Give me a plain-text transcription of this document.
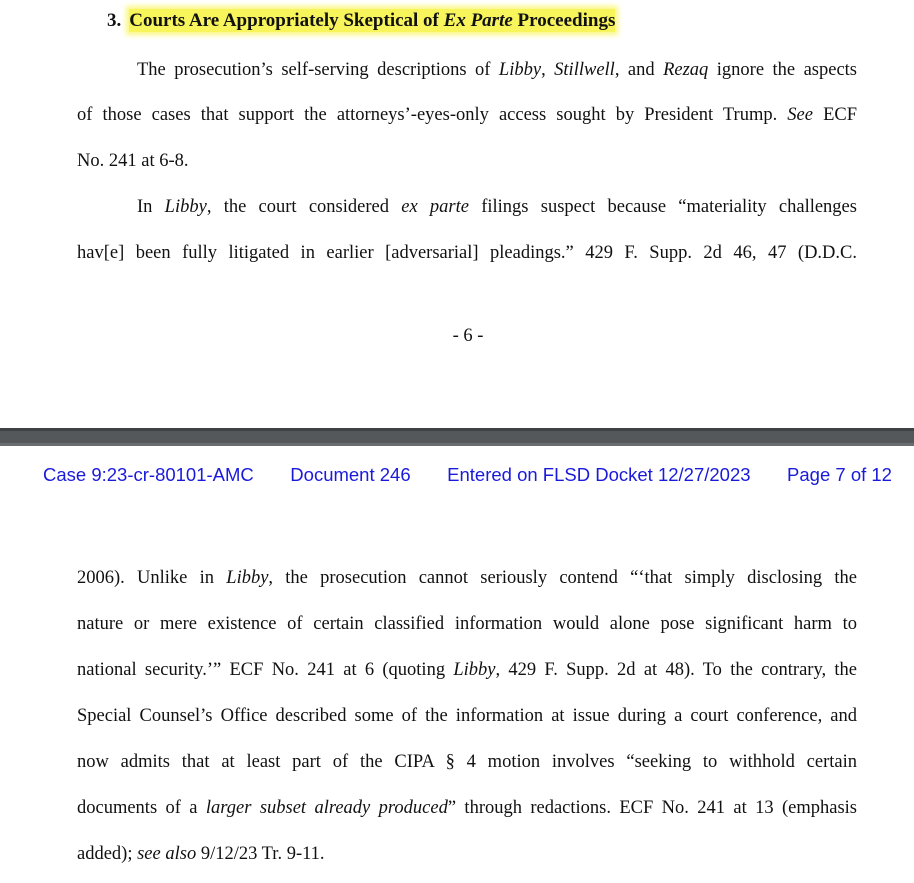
3. Courts Are Appropriately Skeptical of Ex Parte Proceedings
The prosecution’s self-serving descriptions of Libby, Stillwell, and Rezaq ignore the aspects
of those cases that support the attorneys’-eyes-only access sought by President Trump. See ECF
No. 241 at 6-8.
In Libby, the court considered ex parte filings suspect because “materiality challenges
hav[e] been fully litigated in earlier [adversarial] pleadings.” 429 F. Supp. 2d 46, 47 (D.D.C.
- 6 -
Case 9:23-cr-80101-AMC Document 246 Entered on FLSD Docket 12/27/2023 Page 7 of 12
2006). Unlike in Libby, the prosecution cannot seriously contend “‘that simply disclosing the
nature or mere existence of certain classified information would alone pose significant harm to
national security.’” ECF No. 241 at 6 (quoting Libby, 429 F. Supp. 2d at 48). To the contrary, the
Special Counsel’s Office described some of the information at issue during a court conference, and
now admits that at least part of the CIPA § 4 motion involves “seeking to withhold certain
documents of a larger subset already produced” through redactions. ECF No. 241 at 13 (emphasis
added); see also 9/12/23 Tr. 9-11.
